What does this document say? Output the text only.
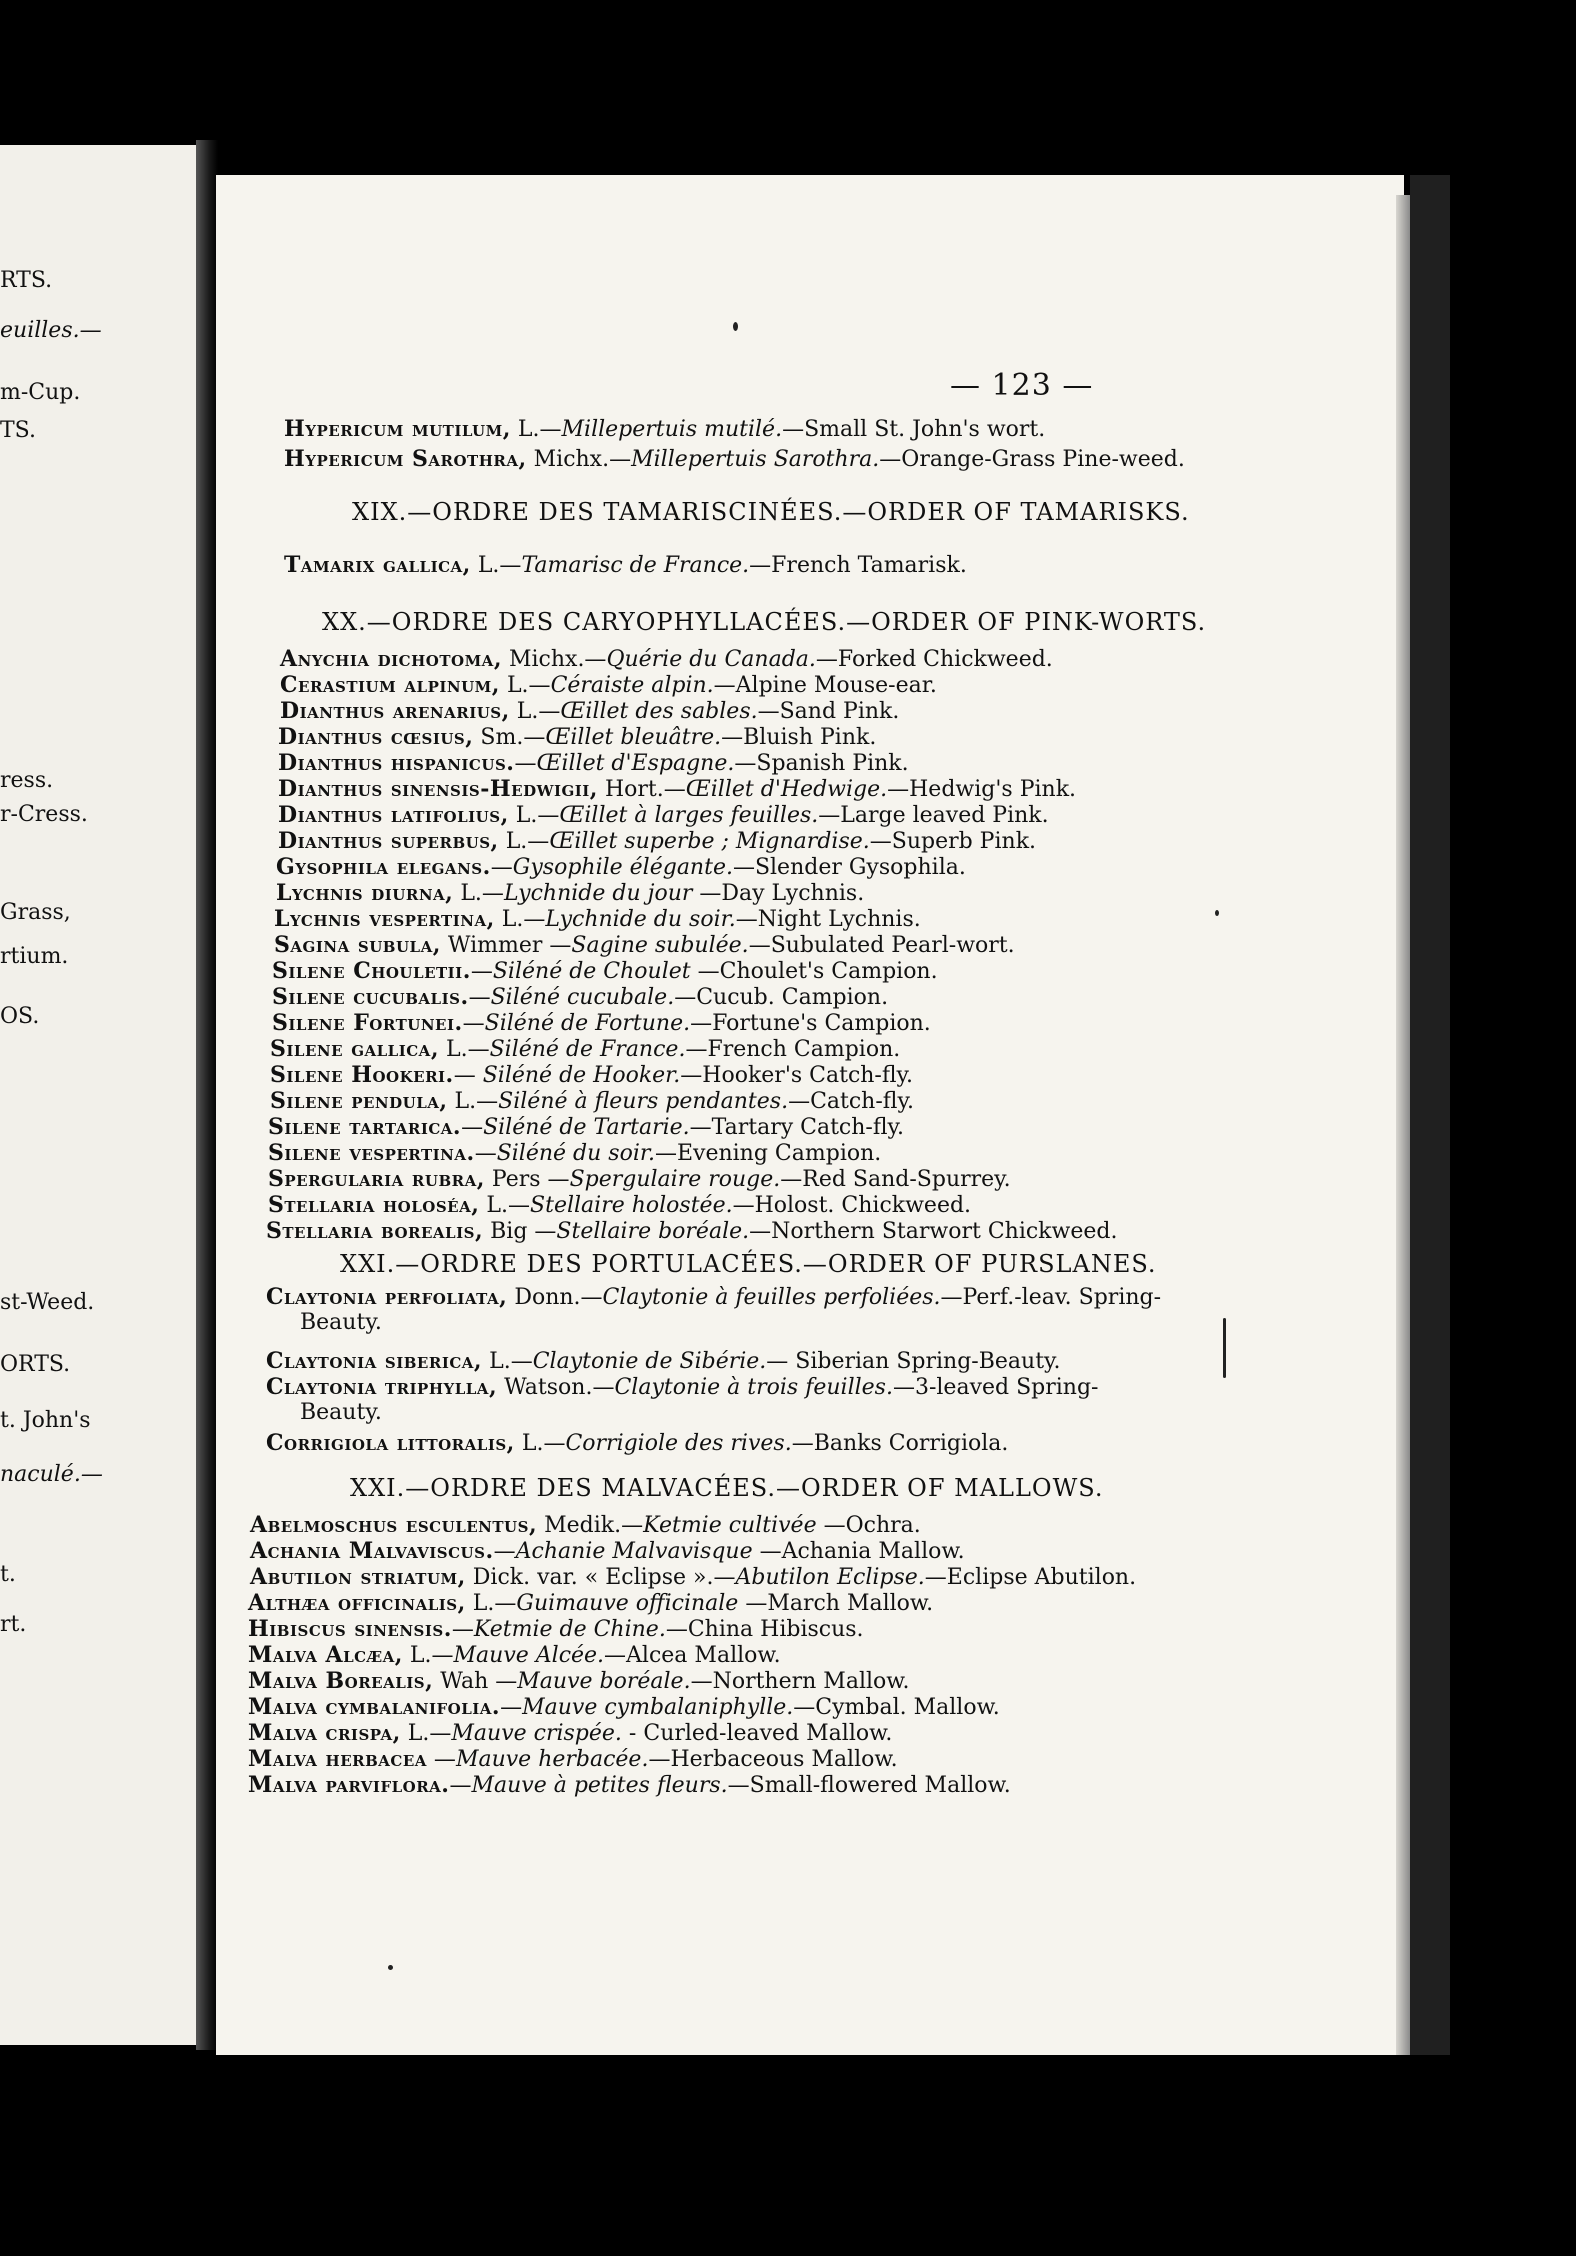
RTS.
euilles.—
m-Cup.
TS.
ress.
r-Cress.
Grass,
rtium.
OS.
st-Weed.
ORTS.
t. John's
naculé.—
t.
rt.
— 123 —
Hypericum mutilum, L.—Millepertuis mutilé.—Small St. John's wort.
Hypericum Sarothra, Michx.—Millepertuis Sarothra.—Orange-Grass Pine-weed.
XIX.—ORDRE DES TAMARISCINÉES.—ORDER OF TAMARISKS.
Tamarix gallica, L.—Tamarisc de France.—French Tamarisk.
XX.—ORDRE DES CARYOPHYLLACÉES.—ORDER OF PINK-WORTS.
Anychia dichotoma, Michx.—Quérie du Canada.—Forked Chickweed.
Cerastium alpinum, L.—Céraiste alpin.—Alpine Mouse-ear.
Dianthus arenarius, L.—Œillet des sables.—Sand Pink.
Dianthus cœsius, Sm.—Œillet bleuâtre.—Bluish Pink.
Dianthus hispanicus.—Œillet d'Espagne.—Spanish Pink.
Dianthus sinensis-Hedwigii, Hort.—Œillet d'Hedwige.—Hedwig's Pink.
Dianthus latifolius, L.—Œillet à larges feuilles.—Large leaved Pink.
Dianthus superbus, L.—Œillet superbe ; Mignardise.—Superb Pink.
Gysophila elegans.—Gysophile élégante.—Slender Gysophila.
Lychnis diurna, L.—Lychnide du jour —Day Lychnis.
Lychnis vespertina, L.—Lychnide du soir.—Night Lychnis.
Sagina subula, Wimmer —Sagine subulée.—Subulated Pearl-wort.
Silene Chouletii.—Siléné de Choulet —Choulet's Campion.
Silene cucubalis.—Siléné cucubale.—Cucub. Campion.
Silene Fortunei.—Siléné de Fortune.—Fortune's Campion.
Silene gallica, L.—Siléné de France.—French Campion.
Silene Hookeri.— Siléné de Hooker.—Hooker's Catch-fly.
Silene pendula, L.—Siléné à fleurs pendantes.—Catch-fly.
Silene tartarica.—Siléné de Tartarie.—Tartary Catch-fly.
Silene vespertina.—Siléné du soir.—Evening Campion.
Spergularia rubra, Pers —Spergulaire rouge.—Red Sand-Spurrey.
Stellaria holoséa, L.—Stellaire holostée.—Holost. Chickweed.
Stellaria borealis, Big —Stellaire boréale.—Northern Starwort Chickweed.
XXI.—ORDRE DES PORTULACÉES.—ORDER OF PURSLANES.
Claytonia perfoliata, Donn.—Claytonie à feuilles perfoliées.—Perf.-leav. Spring-
Beauty.
Claytonia siberica, L.—Claytonie de Sibérie.— Siberian Spring-Beauty.
Claytonia triphylla, Watson.—Claytonie à trois feuilles.—3-leaved Spring-
Beauty.
Corrigiola littoralis, L.—Corrigiole des rives.—Banks Corrigiola.
XXI.—ORDRE DES MALVACÉES.—ORDER OF MALLOWS.
Abelmoschus esculentus, Medik.—Ketmie cultivée —Ochra.
Achania Malvaviscus.—Achanie Malvavisque —Achania Mallow.
Abutilon striatum, Dick. var. « Eclipse ».—Abutilon Eclipse.—Eclipse Abutilon.
Althæa officinalis, L.—Guimauve officinale —March Mallow.
Hibiscus sinensis.—Ketmie de Chine.—China Hibiscus.
Malva Alcæa, L.—Mauve Alcée.—Alcea Mallow.
Malva Borealis, Wah —Mauve boréale.—Northern Mallow.
Malva cymbalanifolia.—Mauve cymbalaniphylle.—Cymbal. Mallow.
Malva crispa, L.—Mauve crispée. - Curled-leaved Mallow.
Malva herbacea —Mauve herbacée.—Herbaceous Mallow.
Malva parviflora.—Mauve à petites fleurs.—Small-flowered Mallow.
